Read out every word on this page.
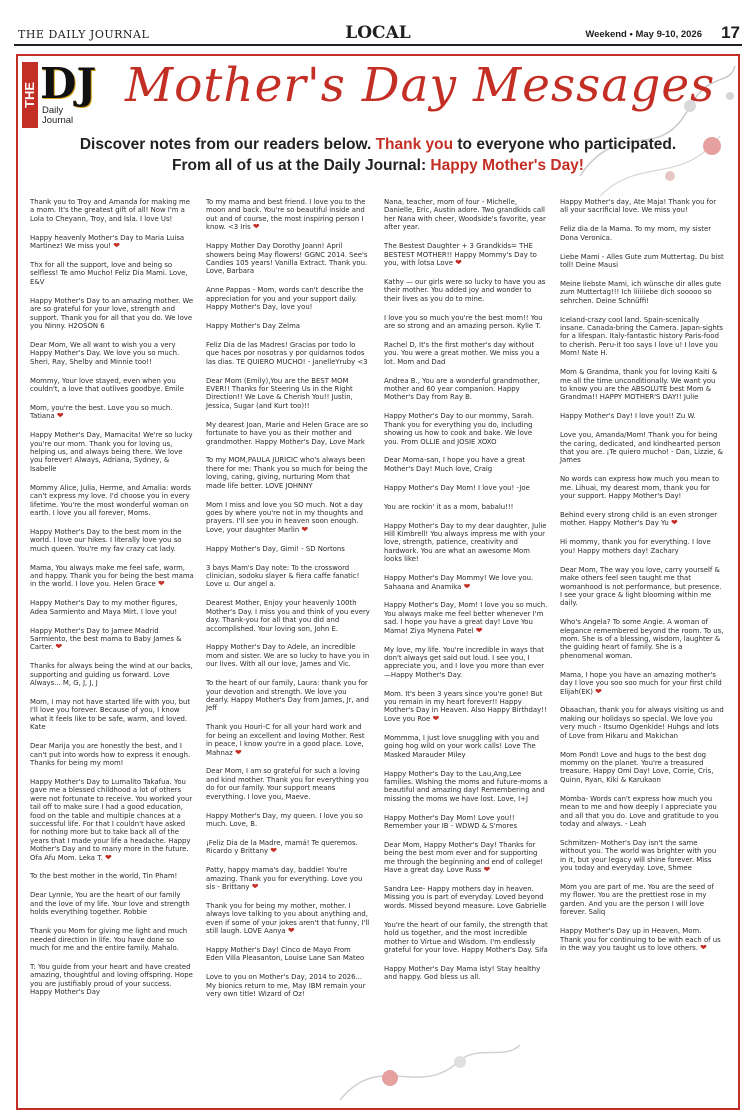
THE DAILY JOURNAL	LOCAL	Weekend • May 9-10, 2026 17
THE DJ
Daily
Journal
Mother's Day Messages
Discover notes from our readers below. Thank you to everyone who participated.
From all of us at the Daily Journal: Happy Mother's Day!

Thank you to Troy and Amanda for making me a mom. It's the greatest gift of all! Now I'm a Lola to Cheyann, Troy, and Isla. I love Us!

Happy heavenly Mother's Day to Maria Luisa Martinez! We miss you! ❤

Thx for all the support, love and being so selfless! Te amo Mucho! Feliz Dia Mami. Love, E&V

Happy Mother's Day to an amazing mother. We are so grateful for your love, strength and support. Thank you for all that you do. We love you Ninny. H2OSON 6

Dear Mom, We all want to wish you a very Happy Mother's Day. We love you so much. Sheri, Ray, Shelby and Minnie too!!

Mommy, Your love stayed, even when you couldn't, a love that outlives goodbye. Emile

Mom, you're the best. Love you so much. Tatiana ❤

Happy Mother's Day, Mamacita! We're so lucky you're our mom. Thank you for loving us, helping us, and always being there. We love you forever! Always, Adriana, Sydney, & Isabelle

Mommy Alice, Julia, Herme, and Amalia: words can't express my love. I'd choose you in every lifetime. You're the most wonderful woman on earth. I love you all forever, Moms.

Happy Mother's Day to the best mom in the world. I love our hikes. I literally love you so much queen. You're my fav crazy cat lady.

Mama, You always make me feel safe, warm, and happy. Thank you for being the best mama in the world. I love you. Helen Grace ❤

Happy Mother's Day to my mother figures, Adea Sarmiento and Maya Mirt. I love you!

Happy Mother's Day to Jamee Madrid Sarmiento, the best mama to Baby James & Carter. ❤

Thanks for always being the wind at our backs, supporting and guiding us forward. Love Always... M, G, J, J, J

Mom, I may not have started life with you, but I'll love you forever. Because of you, I know what it feels like to be safe, warm, and loved. Kate

Dear Marija you are honestly the best, and I can't put into words how to express it enough. Thanks for being my mom!

Happy Mother's Day to Lumalito Takafua. You gave me a blessed childhood a lot of others were not fortunate to receive. You worked your tail off to make sure I had a good education, food on the table and multiple chances at a successful life. For that I couldn't have asked for nothing more but to take back all of the years that I made your life a headache. Happy Mother's Day and to many more in the future. Ofa Afu Mom. Leka T. ❤

To the best mother in the world, Tin Pham!

Dear Lynnie, You are the heart of our family and the love of my life. Your love and strength holds everything together. Robbie

Thank you Mom for giving me light and much needed direction in life. You have done so much for me and the entire family. Mahalo.

T: You guide from your heart and have created amazing, thoughtful and loving offspring. Hope you are justifiably proud of your success. Happy Mother's Day

To my mama and best friend. I love you to the moon and back. You're so beautiful inside and out and of course, the most inspiring person I know. <3 Iris ❤

Happy Mother Day Dorothy Joann! April showers being May flowers! GGNC 2014. See's Candies 105 years! Vanilla Extract. Thank you. Love, Barbara

Anne Pappas - Mom, words can't describe the appreciation for you and your support daily. Happy Mother's Day, love you!

Happy Mother's Day Zelma

Feliz Dia de las Madres! Gracias por todo lo que haces por nosotras y por quidarnos todos las dias. TE QUIERO MUCHO! - JanelleYruby <3

Dear Mom (Emily),You are the BEST MOM EVER!! Thanks for Steering Us in the Right Direction!! We Love & Cherish You!! Justin, Jessica, Sugar (and Kurt too)!!

My dearest Joan, Marie and Helen Grace are so fortunate to have you as their mother and grandmother. Happy Mother's Day, Love Mark

To my MOM,PAULA JURICIC who's always been there for me: Thank you so much for being the loving, caring, giving, nurturing Mom that made life better. LOVE JOHNNY

Mom I miss and love you SO much. Not a day goes by where you're not in my thoughts and prayers. I'll see you in heaven soon enough. Love, your daughter Marlin ❤

Happy Mother's Day, Gimi! - SD Nortons

3 bays Mam's Day note: To the crossword clinician, sodoku slayer & fiera caffe fanatic! Love u. Our angel a.

Dearest Mother, Enjoy your heavenly 100th Mother's Day. I miss you and think of you every day. Thank-you for all that you did and accomplished. Your loving son, John E.

Happy Mother's Day to Adele, an incredible mom and sister. We are so lucky to have you in our lives. With all our love, James and Vic.

To the heart of our family, Laura: thank you for your devotion and strength. We love you dearly. Happy Mother's Day from James, Jr, and Jeff

Thank you Houri-C for all your hard work and for being an excellent and loving Mother. Rest in peace, I know you're in a good place. Love, Mahnaz ❤

Dear Mom, I am so grateful for such a loving and kind mother. Thank you for everything you do for our family. Your support means everything. I love you, Maeve.

Happy Mother's Day, my queen. I love you so much. Love, B.

¡Feliz Dia de la Madre, mamá! Te queremos. Ricardo y Brittany ❤

Patty, happy mama's day, baddie! You're amazing. Thank you for everything. Love you sis - Brittany ❤

Thank you for being my mother, mother. I always love talking to you about anything and, even if some of your jokes aren't that funny, I'll still laugh. LOVE Aanya ❤

Happy Mother's Day! Cinco de Mayo From Eden Villa Pleasanton, Louise Lane San Mateo

Love to you on Mother's Day, 2014 to 2026... My bionics return to me, May IBM remain your very own title! Wizard of Oz!

Nana, teacher, mom of four - Michelle, Danielle, Eric, Austin adore. Two grandkids call her Nana with cheer, Woodside's favorite, year after year.

The Bestest Daughter + 3 Grandkids= THE BESTEST MOTHER!! Happy Mommy's Day to you, with lotsa Love ❤

Kathy — our girls were so lucky to have you as their mother. You added joy and wonder to their lives as you do to mine.

I love you so much you're the best mom!! You are so strong and an amazing person. Kylie T.

Rachel D, It's the first mother's day without you. You were a great mother. We miss you a lot. Mom and Dad

Andrea B., You are a wonderful grandmother, mother and 60 year companion. Happy Mother's Day from Ray B.

Happy Mother's Day to our mommy, Sarah. Thank you for everything you do, including showing us how to cook and bake. We love you. From OLLIE and JOSIE XOXO

Dear Moma-san, I hope you have a great Mother's Day! Much love, Craig

Happy Mother's Day Mom! I love you! -Joe

You are rockin' it as a mom, babalu!!!

Happy Mother's Day to my dear daughter, Julie Hill Kimbrell! You always impress me with your love, strength, patience, creativity and hardwork. You are what an awesome Mom looks like!

Happy Mother's Day Mommy! We love you. Sahaana and Anamika ❤

Happy Mother's Day, Mom! I love you so much. You always make me feel better whenever I'm sad. I hope you have a great day! Love You Mama! Ziya Mynena Patel ❤

My love, my life. You're incredible in ways that don't always get said out loud. I see you, I appreciate you, and I love you more than ever—Happy Mother's Day.

Mom. It's been 3 years since you're gone! But you remain in my heart forever!! Happy Mother's Day in Heaven. Also Happy Birthday!! Love you Roe ❤

Mommma, I just love snuggling with you and going hog wild on your work calls! Love The Masked Marauder Miley

Happy Mother's Day to the Lau,Ang,Lee families. Wishing the moms and future-moms a beautiful and amazing day! Remembering and missing the moms we have lost. Love, I+J

Happy Mother's Day Mom! Love you!! Remember your IB - WDWD & S'mores

Dear Mom, Happy Mother's Day! Thanks for being the best mom ever and for supporting me through the beginning and end of college! Have a great day. Love Russ ❤

Sandra Lee- Happy mothers day in heaven. Missing you is part of everyday. Loved beyond words. Missed beyond measure. Love Gabrielle

You're the heart of our family, the strength that hold us together, and the most incredible mother to Virtue and Wisdom. I'm endlessly grateful for your love. Happy Mother's Day. Sifa

Happy Mother's Day Mama isty! Stay healthy and happy. God bless us all.

Happy Mother's day, Ate Maja! Thank you for all your sacrificial love. We miss you!

Feliz dia de la Mama. To my mom, my sister Dona Veronica.

Liebe Mami - Alles Gute zum Muttertag. Du bist toll! Deine Mausi

Meine liebste Mami, ich wünsche dir alles gute zum Muttertag!!! Ich liiiiiebe dich sooooo so sehrchen. Deine Schnüffi!

Iceland-crazy cool land. Spain-scenically insane. Canada-bring the Camera. Japan-sights for a lifespan. Italy-fantastic history Paris-food to cherish. Peru-it too says I love u! I love you Mom! Nate H.

Mom & Grandma, thank you for loving Kaiti & me all the time unconditionally. We want you to know you are the ABSOLUTE best Mom & Grandma!! HAPPY MOTHER'S DAY!! Julie

Happy Mother's Day! I love you!! Zu W.

Love you, Amanda/Mom! Thank you for being the caring, dedicated, and kindhearted person that you are. ¡Te quiero mucho! - Dan, Lizzie, & James

No words can express how much you mean to me. Lihuai, my dearest mom, thank you for your support. Happy Mother's Day!

Behind every strong child is an even stronger mother. Happy Mother's Day Yu ❤

Hi mommy, thank you for everything. I love you! Happy mothers day! Zachary

Dear Mom, The way you love, carry yourself & make others feel seen taught me that womanhood is not performance, but presence. I see your grace & light blooming within me daily.

Who's Angela? To some Angie. A woman of elegance remembered beyond the room. To us, mom. She is of a blessing, wisdom, laughter & the guiding heart of family. She is a phenomenal woman.

Mama, I hope you have an amazing mother's day I love you soo soo much for your first child Elijah(EK) ❤

Obaachan, thank you for always visiting us and making our holidays so special. We love you very much - Itsumo Ogenkide! Huhgs and lots of Love from Hikaru and Makichan

Mom Pond! Love and hugs to the best dog mommy on the planet. You're a treasured treasure. Happy Omi Day! Love, Corrie, Cris, Quinn, Ryan, Kiki & Karukaon

Momba- Words can't express how much you mean to me and how deeply I appreciate you and all that you do. Love and gratitude to you today and always. - Leah

Schmitzen- Mother's Day isn't the same without you. The world was brighter with you in it, but your legacy will shine forever. Miss you today and everyday. Love, Shmee

Mom you are part of me. You are the seed of my flower. You are the prettiest rose in my garden. And you are the person I will love forever. Saliq

Happy Mother's Day up in Heaven, Mom. Thank you for continuing to be with each of us in the way you taught us to love others. ❤
